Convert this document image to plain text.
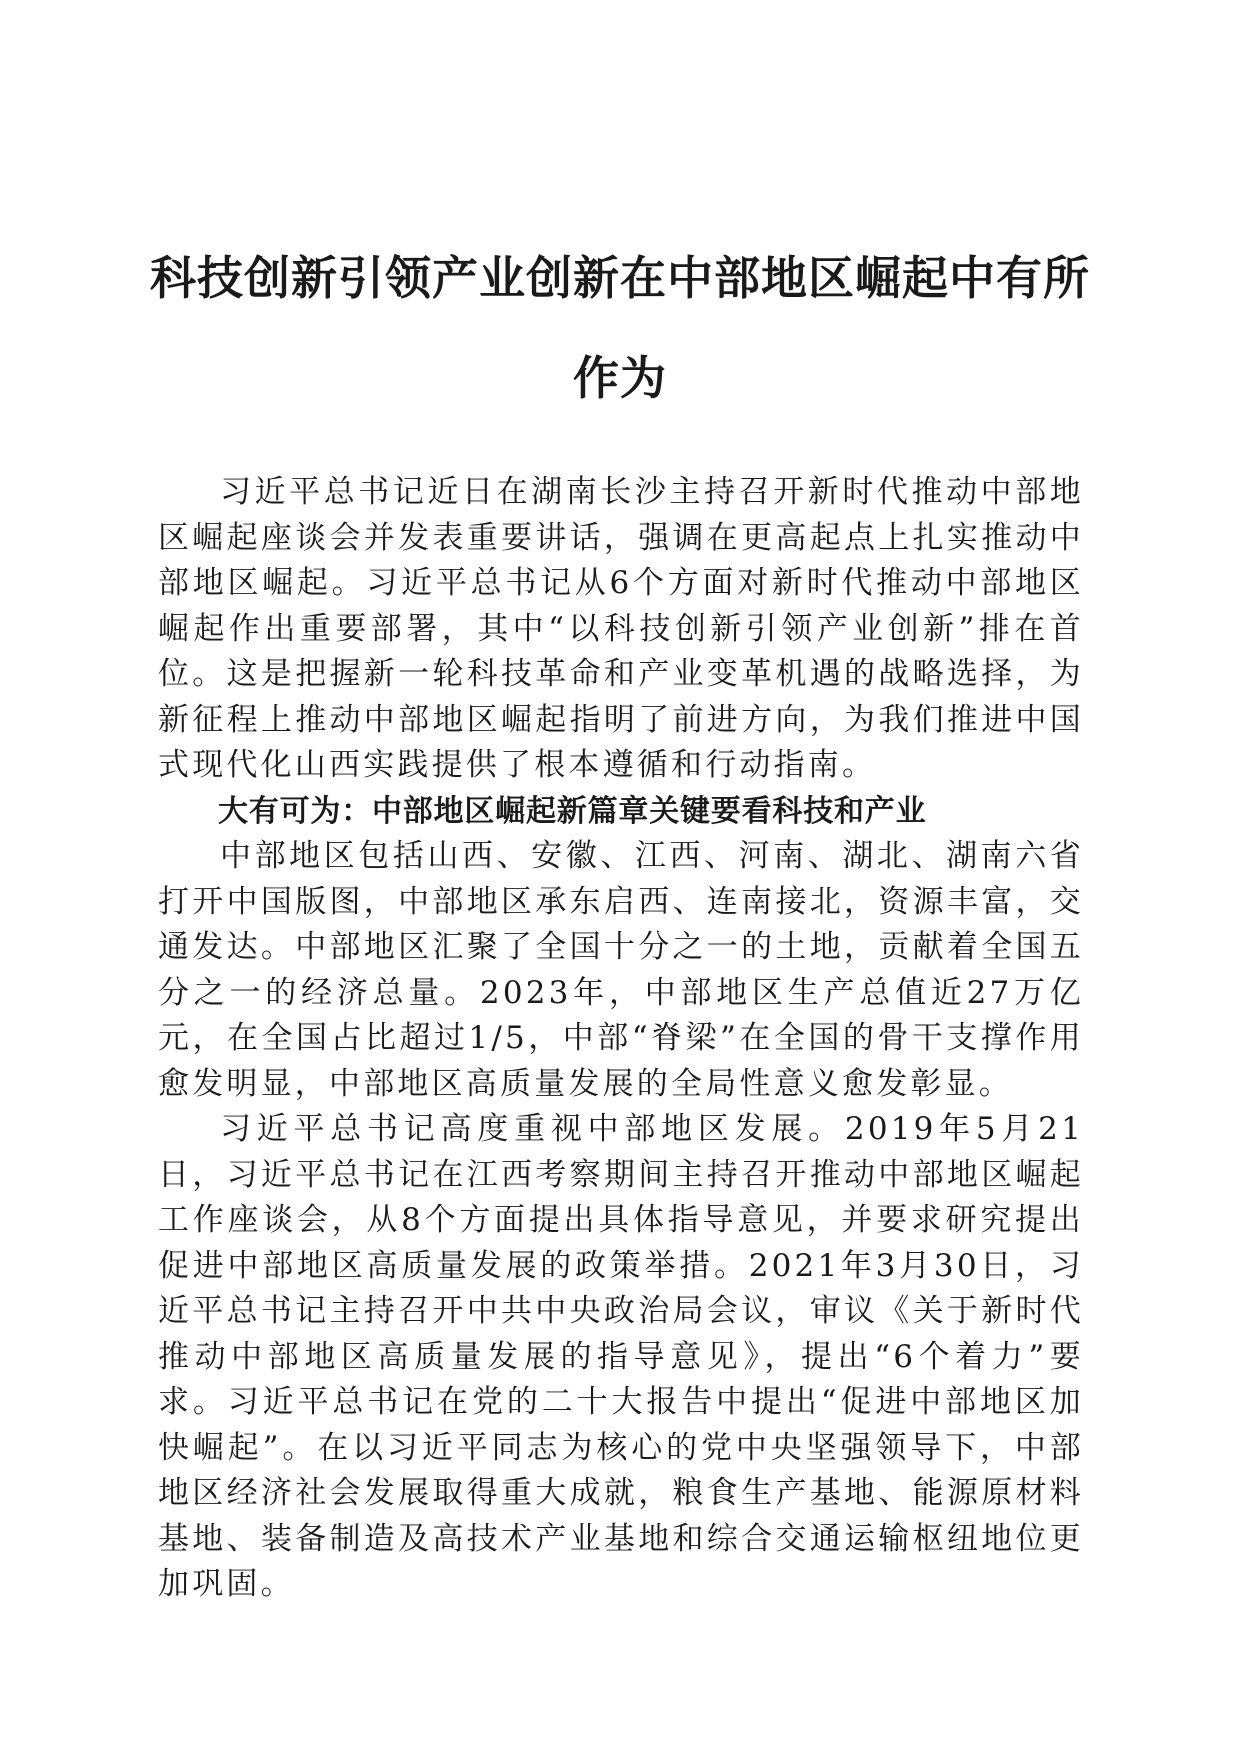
科技创新引领产业创新在中部地区崛起中有所作为

习近平总书记近日在湖南长沙主持召开新时代推动中部地区崛起座谈会并发表重要讲话，强调在更高起点上扎实推动中部地区崛起。习近平总书记从6个方面对新时代推动中部地区崛起作出重要部署，其中“以科技创新引领产业创新”排在首位。这是把握新一轮科技革命和产业变革机遇的战略选择，为新征程上推动中部地区崛起指明了前进方向，为我们推进中国式现代化山西实践提供了根本遵循和行动指南。

大有可为：中部地区崛起新篇章关键要看科技和产业

中部地区包括山西、安徽、江西、河南、湖北、湖南六省打开中国版图，中部地区承东启西、连南接北，资源丰富，交通发达。中部地区汇聚了全国十分之一的土地，贡献着全国五分之一的经济总量。2023年，中部地区生产总值近27万亿元，在全国占比超过1/5，中部“脊梁”在全国的骨干支撑作用愈发明显，中部地区高质量发展的全局性意义愈发彰显。

习近平总书记高度重视中部地区发展。2019年5月21日，习近平总书记在江西考察期间主持召开推动中部地区崛起工作座谈会，从8个方面提出具体指导意见，并要求研究提出促进中部地区高质量发展的政策举措。2021年3月30日，习近平总书记主持召开中共中央政治局会议，审议《关于新时代推动中部地区高质量发展的指导意见》，提出“6个着力”要求。习近平总书记在党的二十大报告中提出“促进中部地区加快崛起”。在以习近平同志为核心的党中央坚强领导下，中部地区经济社会发展取得重大成就，粮食生产基地、能源原材料基地、装备制造及高技术产业基地和综合交通运输枢纽地位更加巩固。
